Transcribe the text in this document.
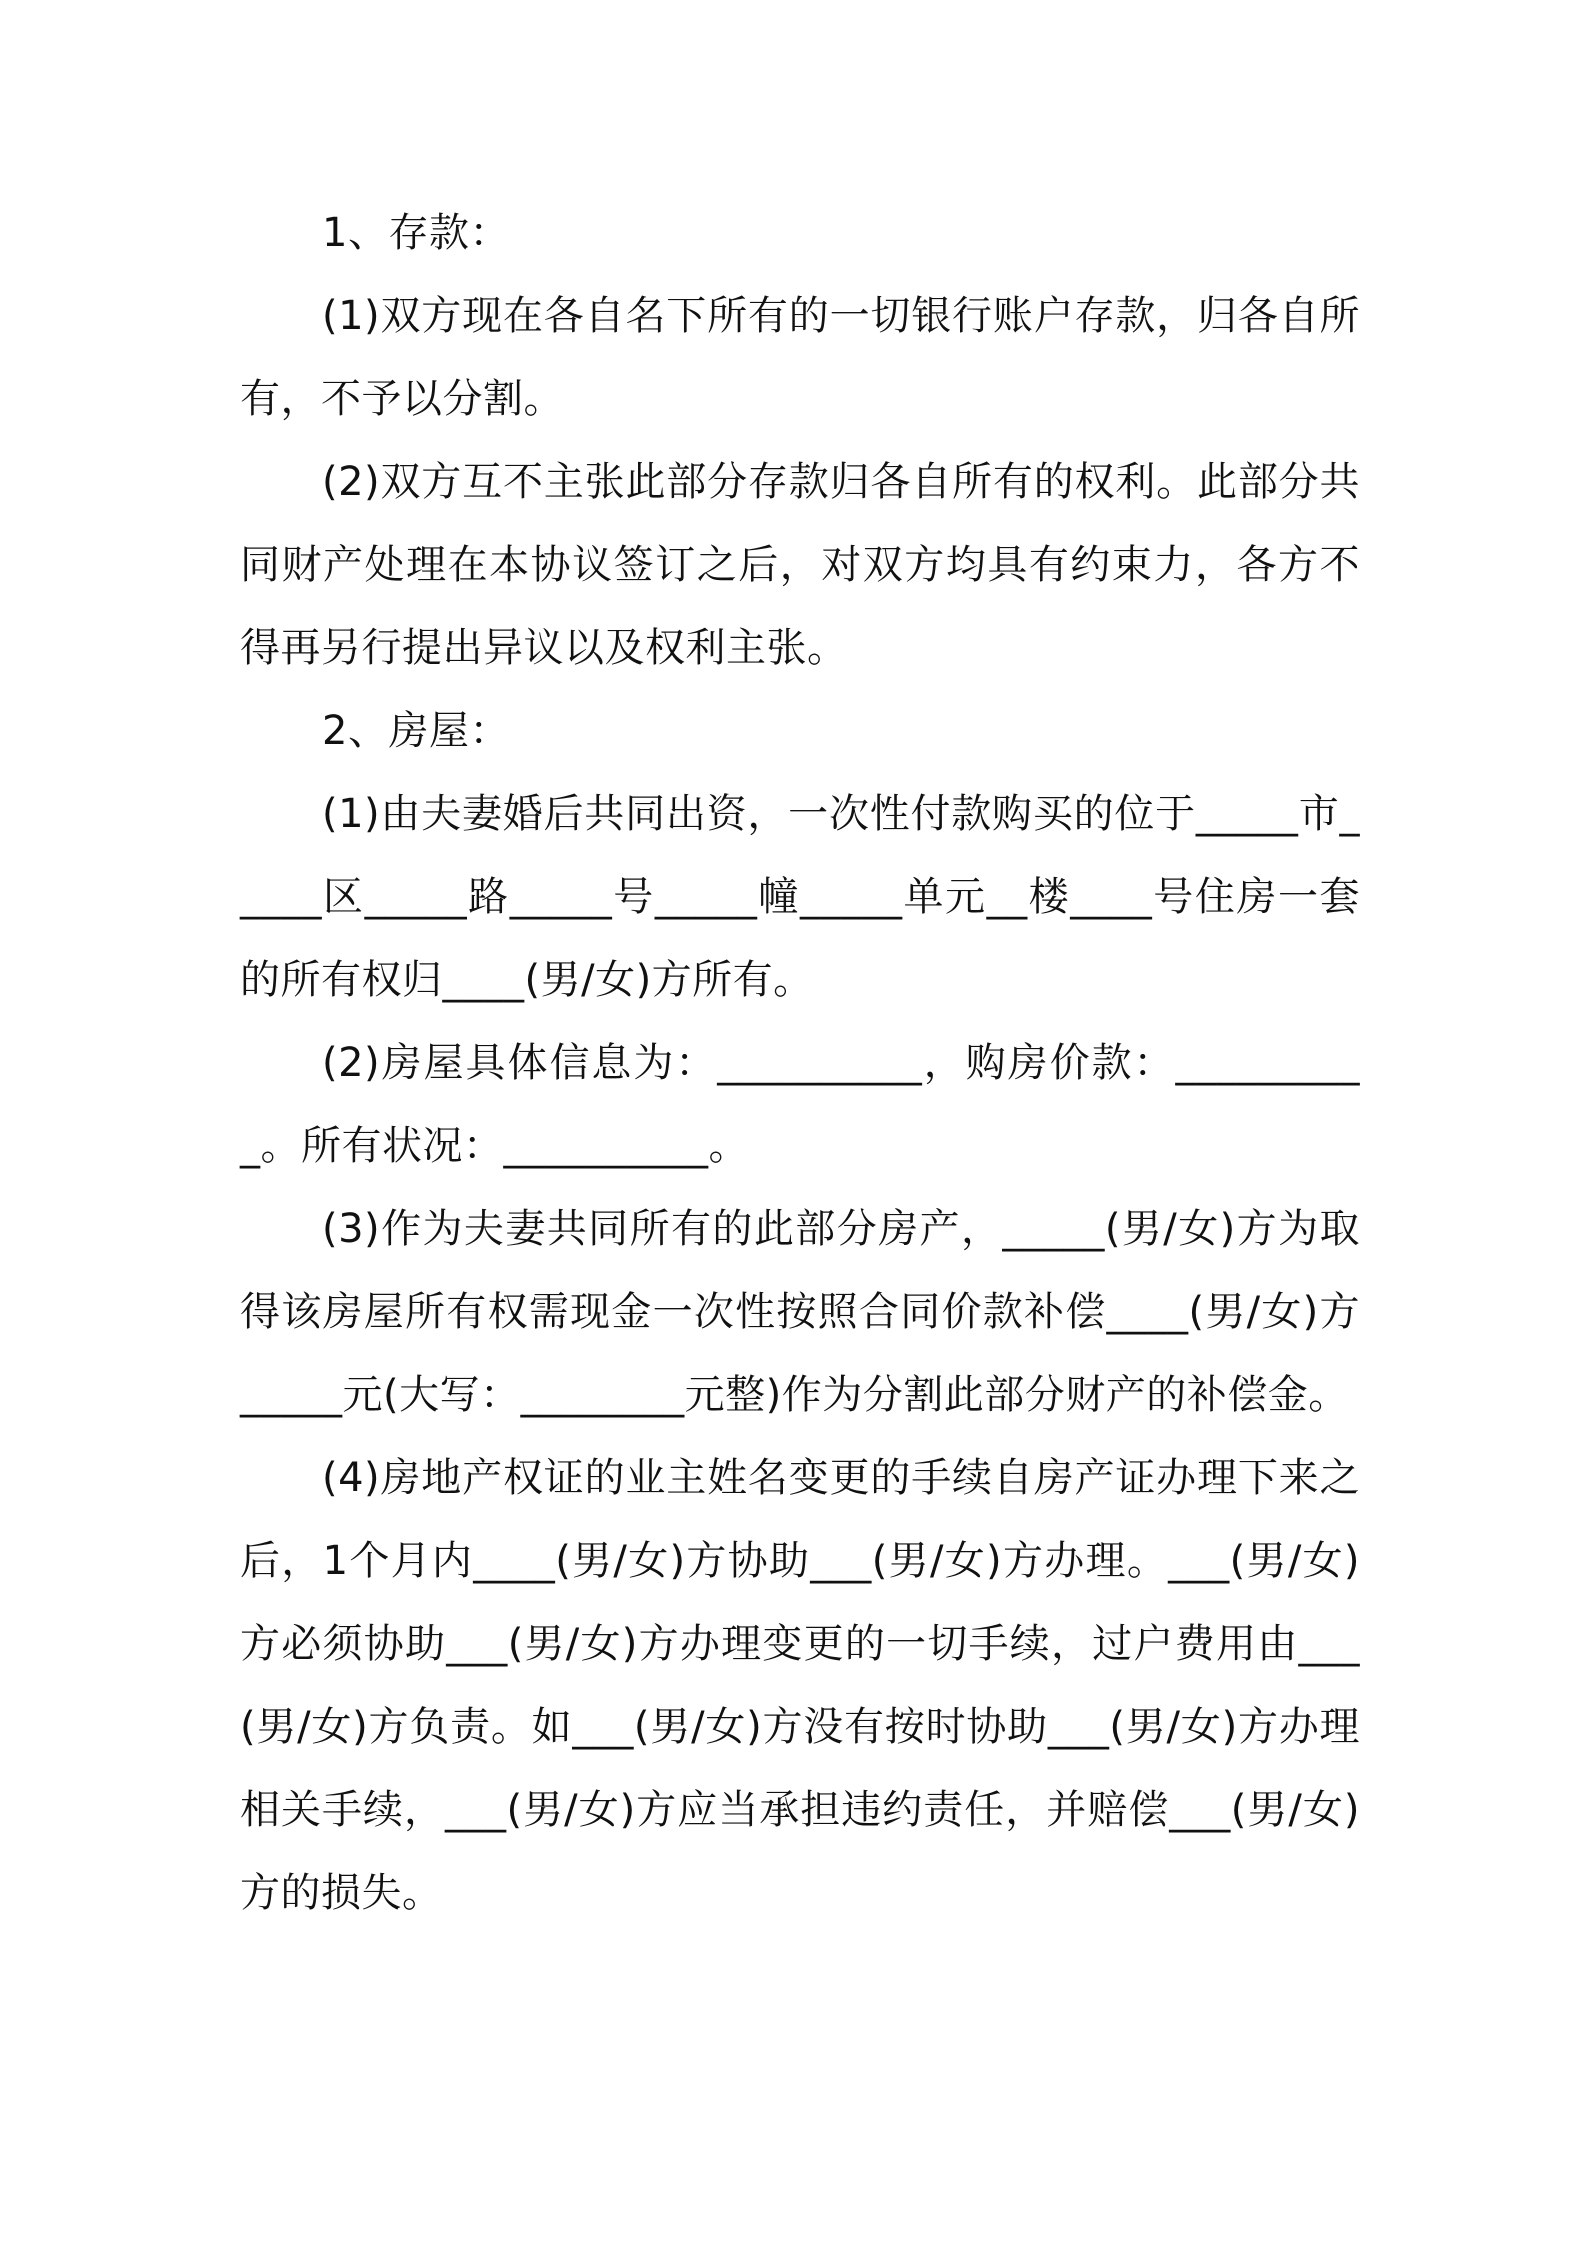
1、存款：

(1)双方现在各自名下所有的一切银行账户存款，归各自所有，不予以分割。

(2)双方互不主张此部分存款归各自所有的权利。此部分共同财产处理在本协议签订之后，对双方均具有约束力，各方不得再另行提出异议以及权利主张。

2、房屋：

(1)由夫妻婚后共同出资，一次性付款购买的位于_____市_____区_____路_____号_____幢_____单元__楼____号住房一套的所有权归____(男/女)方所有。

(2)房屋具体信息为：__________，购房价款：__________。所有状况：__________。

(3)作为夫妻共同所有的此部分房产，_____(男/女)方为取得该房屋所有权需现金一次性按照合同价款补偿____(男/女)方_____元(大写：________元整)作为分割此部分财产的补偿金。

(4)房地产权证的业主姓名变更的手续自房产证办理下来之后，1个月内____(男/女)方协助___(男/女)方办理。___(男/女)方必须协助___(男/女)方办理变更的一切手续，过户费用由___(男/女)方负责。如___(男/女)方没有按时协助___(男/女)方办理相关手续，___(男/女)方应当承担违约责任，并赔偿___(男/女)方的损失。
